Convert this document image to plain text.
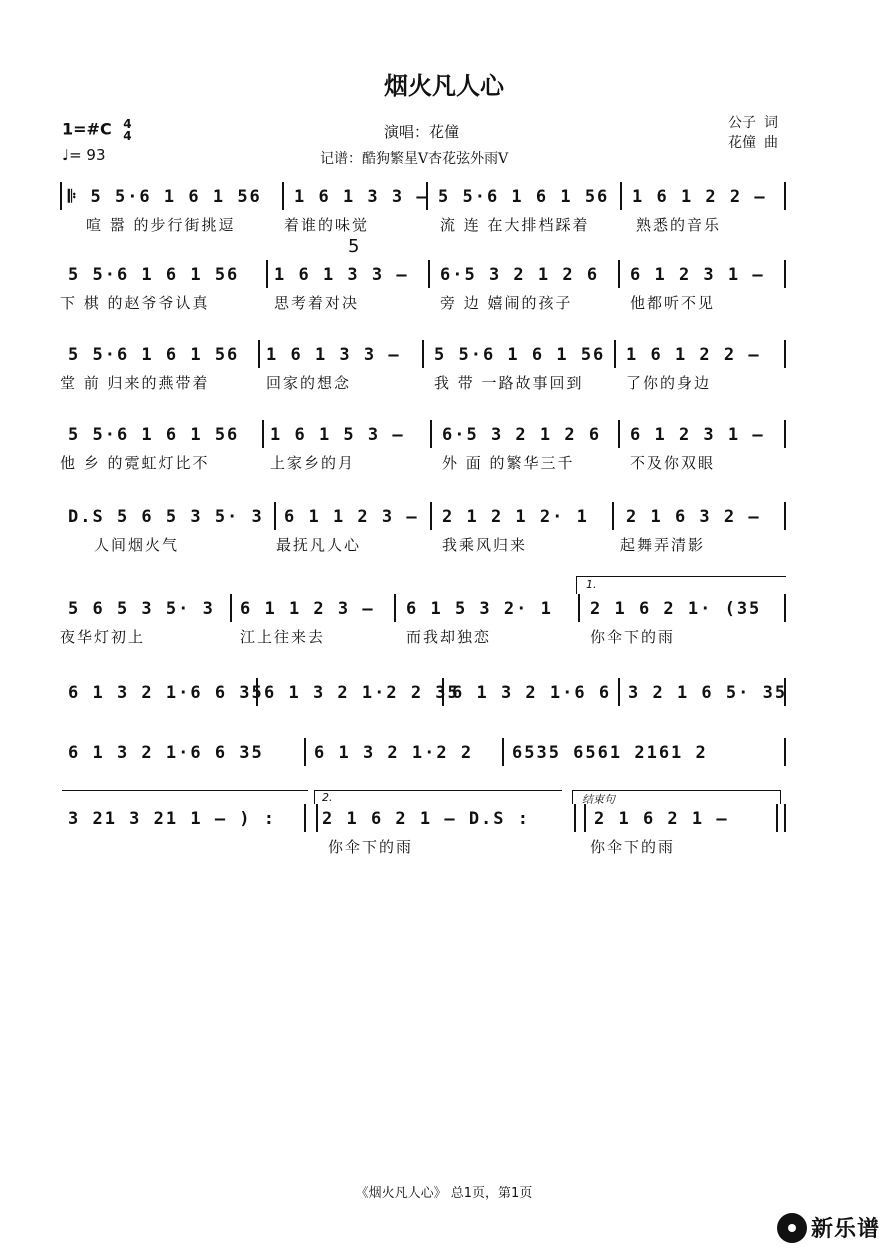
烟火凡人心
1=#C 4
4
♩= 93
演唱：花僮
记谱：酷狗繁星V杏花弦外雨V
公子 词
花僮 曲
5
𝄆 5 5·6 1 6 1 56 1 6 1 3 3 – 5 5·6 1 6 1 56 1 6 1 2 2 –
喧 嚣 的步行街挑逗	着谁的味觉	流 连 在大排档踩着	熟悉的音乐
5 5·6 1 6 1 56 1 6 1 3 3 – 6·5 3 2 1 2 6 6 1 2 3 1 –
下 棋 的赵爷爷认真	思考着对决	旁 边 嬉闹的孩子	他都听不见
5 5·6 1 6 1 56 1 6 1 3 3 – 5 5·6 1 6 1 56 1 6 1 2 2 –
堂 前 归来的燕带着	回家的想念	我 带 一路故事回到	了你的身边
5 5·6 1 6 1 56 1 6 1 5 3 – 6·5 3 2 1 2 6 6 1 2 3 1 –
他 乡 的霓虹灯比不	上家乡的月	外 面 的繁华三千	不及你双眼
D.S 5 6 5 3 5· 3 6 1 1 2 3 – 2 1 2 1 2· 1 2 1 6 3 2 –
人间烟火气	最抚凡人心	我乘风归来	起舞弄清影
5 6 5 3 5· 3 6 1 1 2 3 – 6 1 5 3 2· 1 2 1 6 2 1· (35
夜华灯初上	江上往来去	而我却独恋	你伞下的雨
6 1 3 2 1·6 6 35 6 1 3 2 1·2 2 35
6 1 3 2 1·6 6 3 2 1 6 5· 35
6 1 3 2 1·6 6 35	6 1 3 2 1·2 2 6535 6561 2161 2
3 21 3 21 1 – ) :	2 1 6 2 1 – D.S :	2 1 6 2 1 –
你伞下的雨	你伞下的雨
1.
2.	结束句
《烟火凡人心》 总1页，第1页
新乐谱
